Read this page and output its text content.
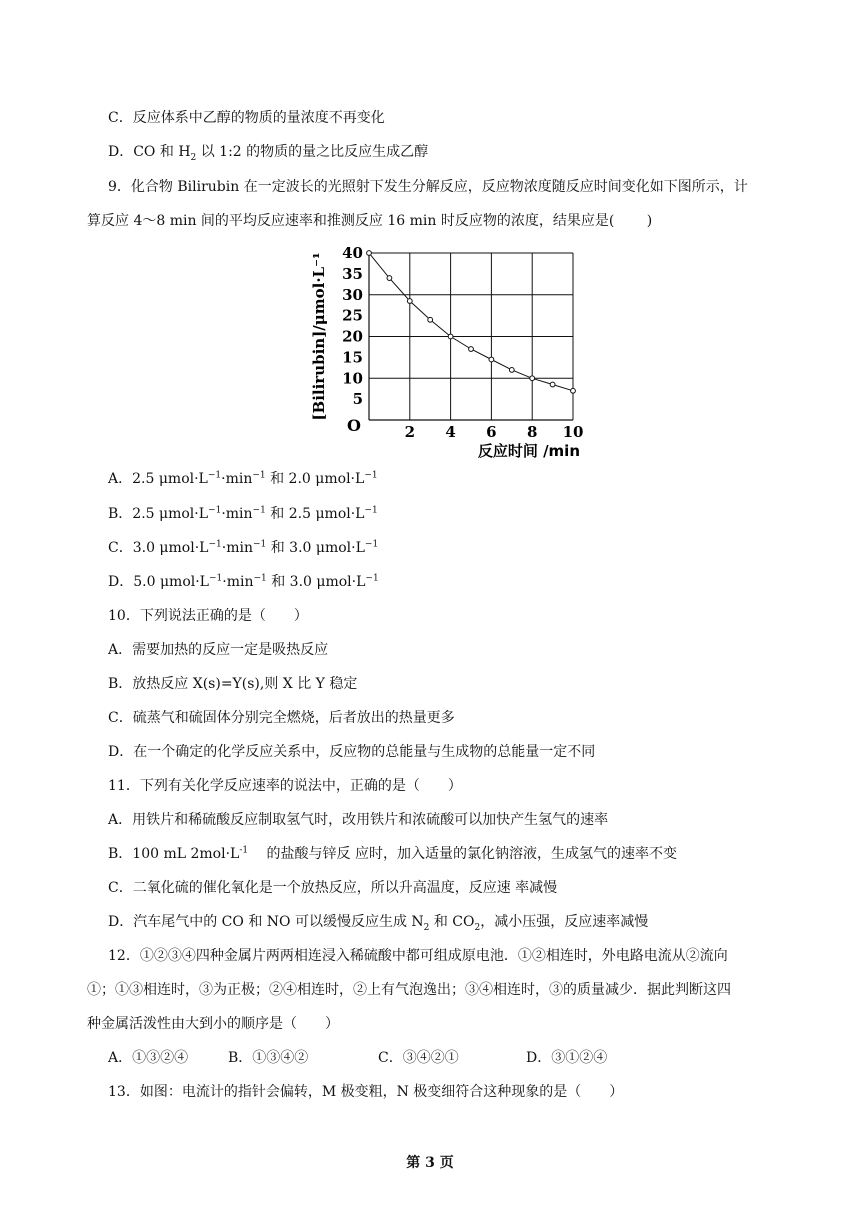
C．反应体系中乙醇的物质的量浓度不再变化
D．CO 和 $H_2$ 以 1:2 的物质的量之比反应生成乙醇
9．化合物 Bilirubin 在一定波长的光照射下发生分解反应，反应物浓度随反应时间变化如下图所示，计
算反应 4～8 min 间的平均反应速率和推测反应 16 min 时反应物的浓度，结果应是(　　 )
5
10
15
20
25
30
35
40
2 4 6 8 10
O
反应时间 /min
[Bilirubin]/μmol·L⁻¹
A．2.5 $\mu mol\cdot L^{-1}\cdot\min^{-1}$ 和 2.0 $\mu mol\cdot L^{-1}$
B．2.5 $\mu mol\cdot L^{-1}\cdot\min^{-1}$ 和 2.5 $\mu mol\cdot L^{-1}$
C．3.0 $\mu mol\cdot L^{-1}\cdot\min^{-1}$ 和 3.0 $\mu mol\cdot L^{-1}$
D．5.0 $\mu mol\cdot L^{-1}\cdot\min^{-1}$ 和 3.0 $\mu mol\cdot L^{-1}$
10．下列说法正确的是（　　）
A．需要加热的反应一定是吸热反应
B．放热反应 X(s)=Y(s),则 X 比 Y 稳定
C．硫蒸气和硫固体分别完全燃烧，后者放出的热量更多
D．在一个确定的化学反应关系中，反应物的总能量与生成物的总能量一定不同
11．下列有关化学反应速率的说法中，正确的是（　　）
A．用铁片和稀硫酸反应制取氢气时，改用铁片和浓硫酸可以加快产生氢气的速率
B．100 mL $2mol\cdot L^{-1}$　 的盐酸与锌反 应时，加入适量的氯化钠溶液，生成氢气的速率不变
C．二氧化硫的催化氧化是一个放热反应，所以升高温度，反应速 率减慢
D．汽车尾气中的 CO 和 NO 可以缓慢反应生成 $N_2$ 和 $CO_2$，减小压强，反应速率减慢
12．①②③④四种金属片两两相连浸入稀硫酸中都可组成原电池．①②相连时，外电路电流从②流向
①；①③相连时，③为正极；②④相连时，②上有气泡逸出；③④相连时，③的质量减少．据此判断这四
种金属活泼性由大到小的顺序是（　　）
A．①③②④	B．①③④②	C．③④②①	D．③①②④
13．如图：电流计的指针会偏转，M 极变粗，N 极变细符合这种现象的是（　　）
第 3 页
